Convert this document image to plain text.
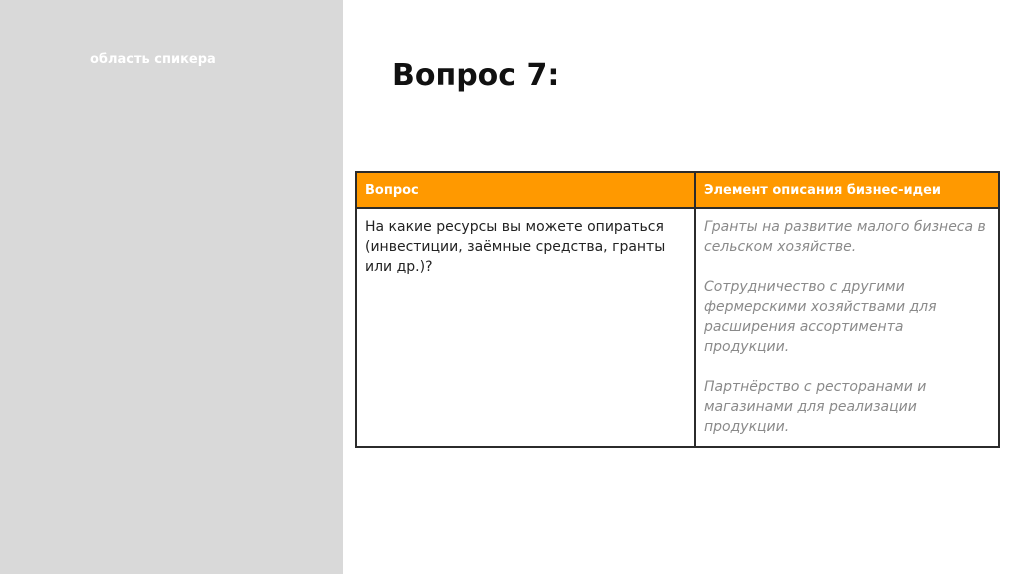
область спикера	Вопрос 7:
Вопрос	Элемент описания бизнес-идеи

На какие ресурсы вы можете опираться (инвестиции, заёмные средства, гранты или др.)?	Гранты на развитие малого бизнеса в сельском хозяйстве.

Сотрудничество с другими фермерскими хозяйствами для расширения ассортимента продукции.

Партнёрство с ресторанами и магазинами для реализации продукции.
